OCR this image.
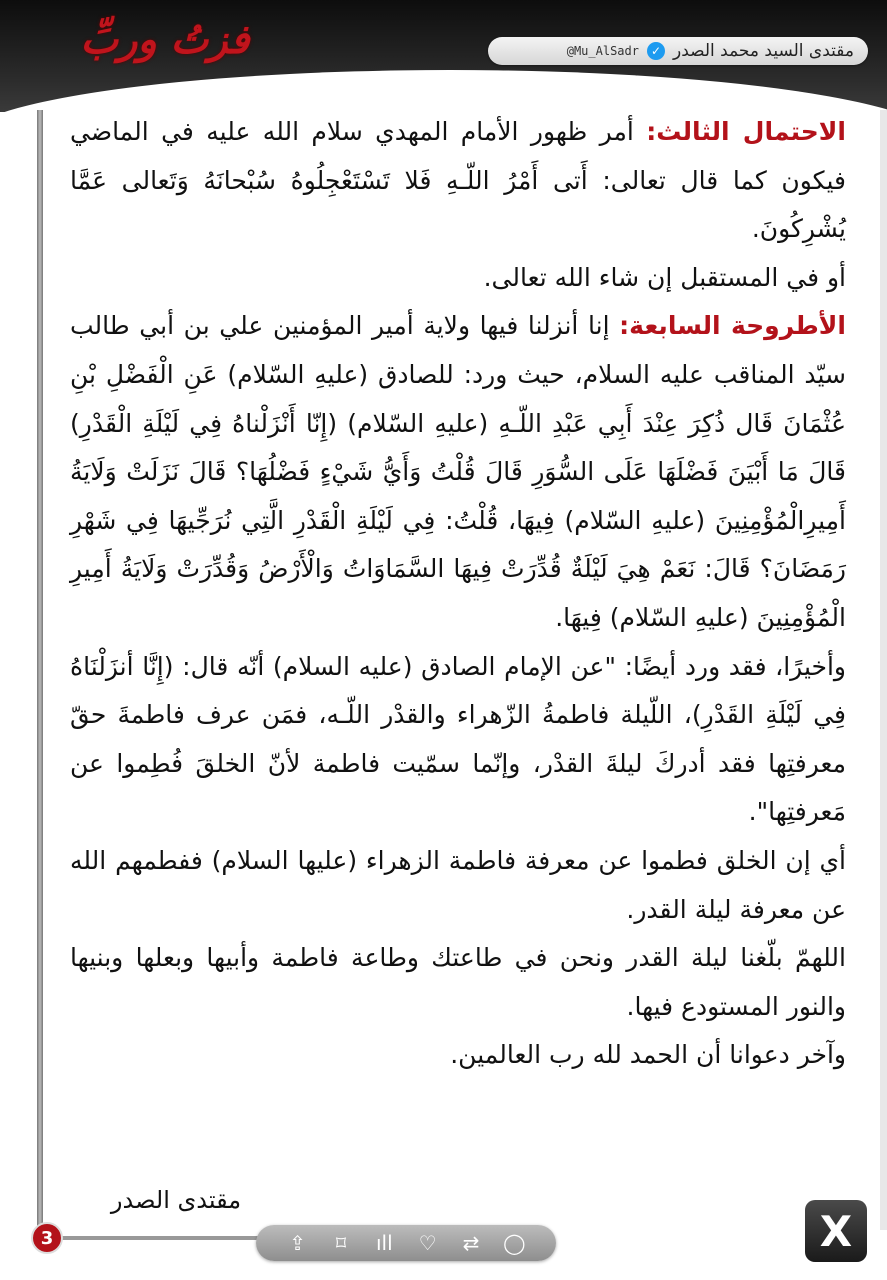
فزتُ وربِّ	مقتدى السيد محمد الصدر
✓
@Mu_AlSadr

الاحتمال الثالث: أمر ظهور الأمام المهدي سلام الله عليه في الماضي فيكون كما قال تعالى: أَتى أَمْرُ اللّـهِ فَلا تَسْتَعْجِلُوهُ سُبْحانَهُ وَتَعالى عَمَّا يُشْرِكُونَ.

أو في المستقبل إن شاء الله تعالى.

الأطروحة السابعة: إنا أنزلنا فيها ولاية أمير المؤمنين علي بن أبي طالب سيّد المناقب عليه السلام، حيث ورد: للصادق (عليهِ السّلام) عَنِ الْفَضْلِ بْنِ عُثْمَانَ قَال ذُكِرَ عِنْدَ أَبِي عَبْدِ اللّـهِ (عليهِ السّلام) (إِنّا أَنْزَلْناهُ فِي لَيْلَةِ الْقَدْرِ) قَالَ مَا أَبْيَنَ فَضْلَهَا عَلَى السُّوَرِ قَالَ قُلْتُ وَأَيُّ شَيْءٍ فَضْلُهَا؟ قَالَ نَزَلَتْ وَلَايَةُ أَمِيرِالْمُؤْمِنِينَ (عليهِ السّلام) فِيهَا، قُلْتُ: فِي لَيْلَةِ الْقَدْرِ الَّتِي نُرَجِّيهَا فِي شَهْرِ رَمَضَانَ؟ قَالَ: نَعَمْ هِيَ لَيْلَةٌ قُدِّرَتْ فِيهَا السَّمَاوَاتُ وَالْأَرْضُ وَقُدِّرَتْ وَلَايَةُ أَمِيرِ الْمُؤْمِنِينَ (عليهِ السّلام) فِيهَا.

وأخيرًا، فقد ورد أيضًا: "عن الإمام الصادق (عليه السلام) أنّه قال: (إِنَّا أنزَلْنَاهُ فِي لَيْلَةِ القَدْرِ)، اللّيلة فاطمةُ الزّهراء والقدْر اللّـه، فمَن عرف فاطمةَ حقّ معرفتِها فقد أدركَ ليلةَ القدْر، وإنّما سمّيت فاطمة لأنّ الخلقَ فُطِموا عن مَعرفتِها".

أي إن الخلق فطموا عن معرفة فاطمة الزهراء (عليها السلام) ففطمهم الله عن معرفة ليلة القدر.

اللهمّ بلّغنا ليلة القدر ونحن في طاعتك وطاعة فاطمة وأبيها وبعلها وبنيها والنور المستودع فيها.

وآخر دعوانا أن الحمد لله رب العالمين.

مقتدى الصدر
3	⇪	⌑	ıll	♡	⇄	◯	X
